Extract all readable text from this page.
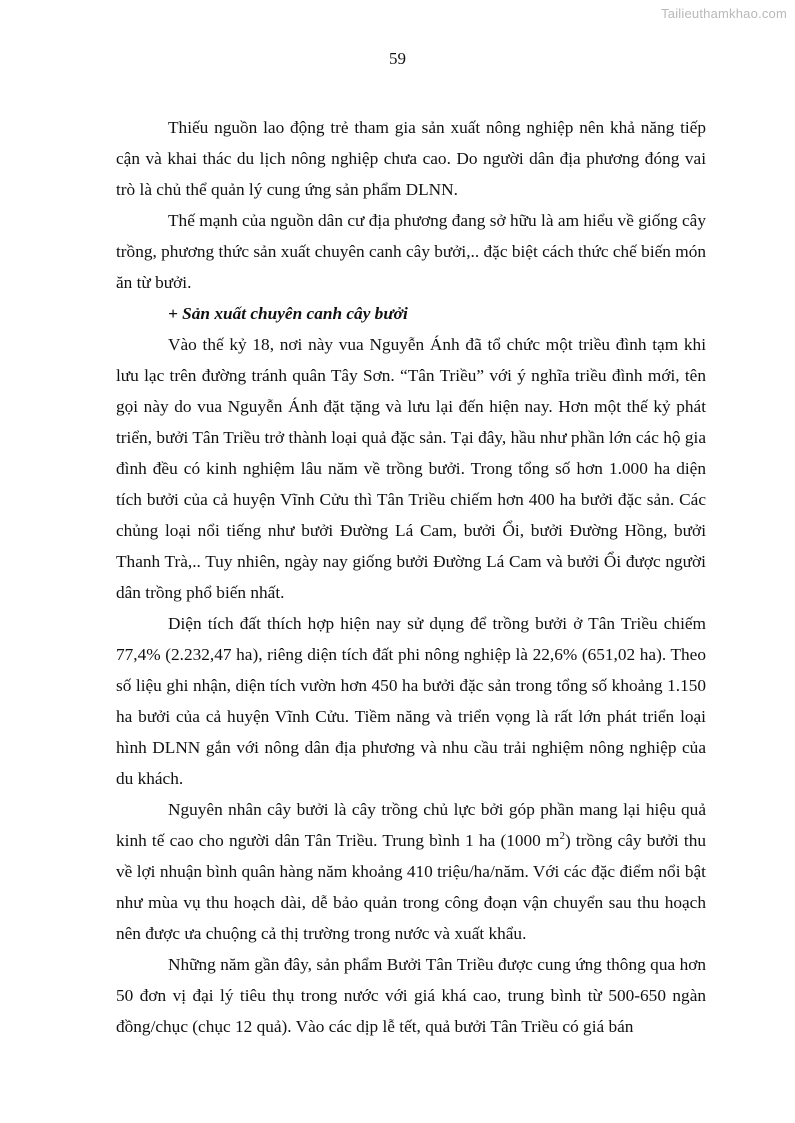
Tailieuthamkhao.com
59

Thiếu nguồn lao động trẻ tham gia sản xuất nông nghiệp nên khả năng tiếp cận và khai thác du lịch nông nghiệp chưa cao. Do người dân địa phương đóng vai trò là chủ thể quản lý cung ứng sản phẩm DLNN.

Thế mạnh của nguồn dân cư địa phương đang sở hữu là am hiểu về giống cây trồng, phương thức sản xuất chuyên canh cây bưởi,.. đặc biệt cách thức chế biến món ăn từ bưởi.

+ Sản xuất chuyên canh cây bưởi

Vào thế kỷ 18, nơi này vua Nguyễn Ánh đã tổ chức một triều đình tạm khi lưu lạc trên đường tránh quân Tây Sơn. “Tân Triều” với ý nghĩa triều đình mới, tên gọi này do vua Nguyễn Ánh đặt tặng và lưu lại đến hiện nay. Hơn một thế kỷ phát triển, bưởi Tân Triều trở thành loại quả đặc sản. Tại đây, hầu như phần lớn các hộ gia đình đều có kinh nghiệm lâu năm về trồng bưởi. Trong tổng số hơn 1.000 ha diện tích bưởi của cả huyện Vĩnh Cửu thì Tân Triều chiếm hơn 400 ha bưởi đặc sản. Các chủng loại nổi tiếng như bưởi Đường Lá Cam, bưởi Ổi, bưởi Đường Hồng, bưởi Thanh Trà,.. Tuy nhiên, ngày nay giống bưởi Đường Lá Cam và bưởi Ổi được người dân trồng phổ biến nhất.

Diện tích đất thích hợp hiện nay sử dụng để trồng bưởi ở Tân Triều chiếm 77,4% (2.232,47 ha), riêng diện tích đất phi nông nghiệp là 22,6% (651,02 ha). Theo số liệu ghi nhận, diện tích vườn hơn 450 ha bưởi đặc sản trong tổng số khoảng 1.150 ha bưởi của cả huyện Vĩnh Cửu. Tiềm năng và triển vọng là rất lớn phát triển loại hình DLNN gắn với nông dân địa phương và nhu cầu trải nghiệm nông nghiệp của du khách.

Nguyên nhân cây bưởi là cây trồng chủ lực bởi góp phần mang lại hiệu quả kinh tế cao cho người dân Tân Triều. Trung bình 1 ha (1000 $m^2$) trồng cây bưởi thu về lợi nhuận bình quân hàng năm khoảng 410 triệu/ha/năm. Với các đặc điểm nổi bật như mùa vụ thu hoạch dài, dễ bảo quản trong công đoạn vận chuyển sau thu hoạch nên được ưa chuộng cả thị trường trong nước và xuất khẩu.

Những năm gần đây, sản phẩm Bưởi Tân Triều được cung ứng thông qua hơn 50 đơn vị đại lý tiêu thụ trong nước với giá khá cao, trung bình từ 500-650 ngàn đồng/chục (chục 12 quả). Vào các dịp lễ tết, quả bưởi Tân Triều có giá bán
